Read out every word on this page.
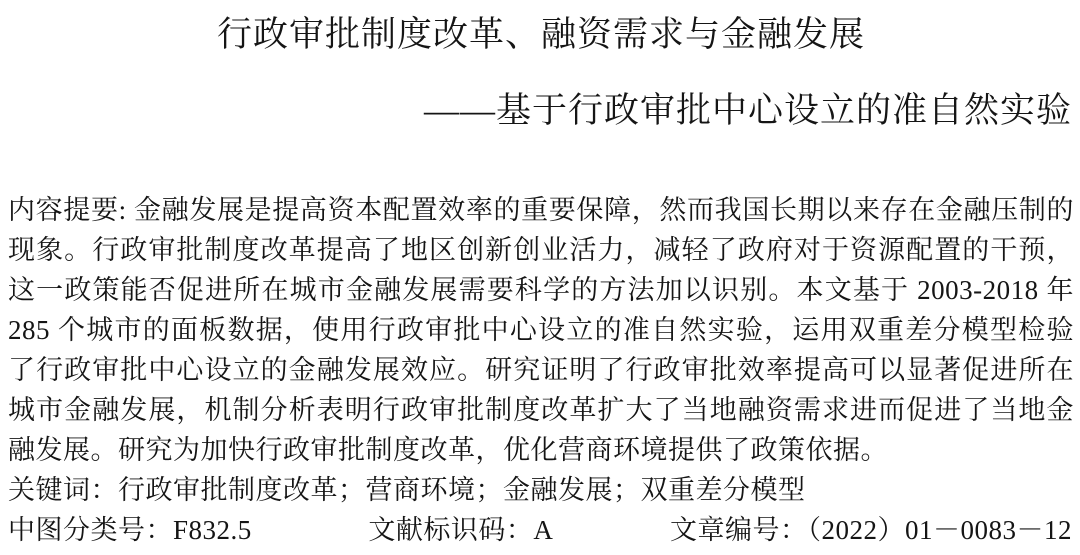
行政审批制度改革、融资需求与金融发展
——基于行政审批中心设立的准自然实验

内容提要: 金融发展是提高资本配置效率的重要保障，然而我国长期以来存在金融压制的现象。行政审批制度改革提高了地区创新创业活力，减轻了政府对于资源配置的干预，这一政策能否促进所在城市金融发展需要科学的方法加以识别。本文基于 2003-2018 年 285 个城市的面板数据，使用行政审批中心设立的准自然实验，运用双重差分模型检验了行政审批中心设立的金融发展效应。研究证明了行政审批效率提高可以显著促进所在城市金融发展，机制分析表明行政审批制度改革扩大了当地融资需求进而促进了当地金融发展。研究为加快行政审批制度改革，优化营商环境提供了政策依据。

关键词：行政审批制度改革；营商环境；金融发展；双重差分模型

中图分类号：F832.5	文献标识码：A	文章编号：（2022）01－0083－12
